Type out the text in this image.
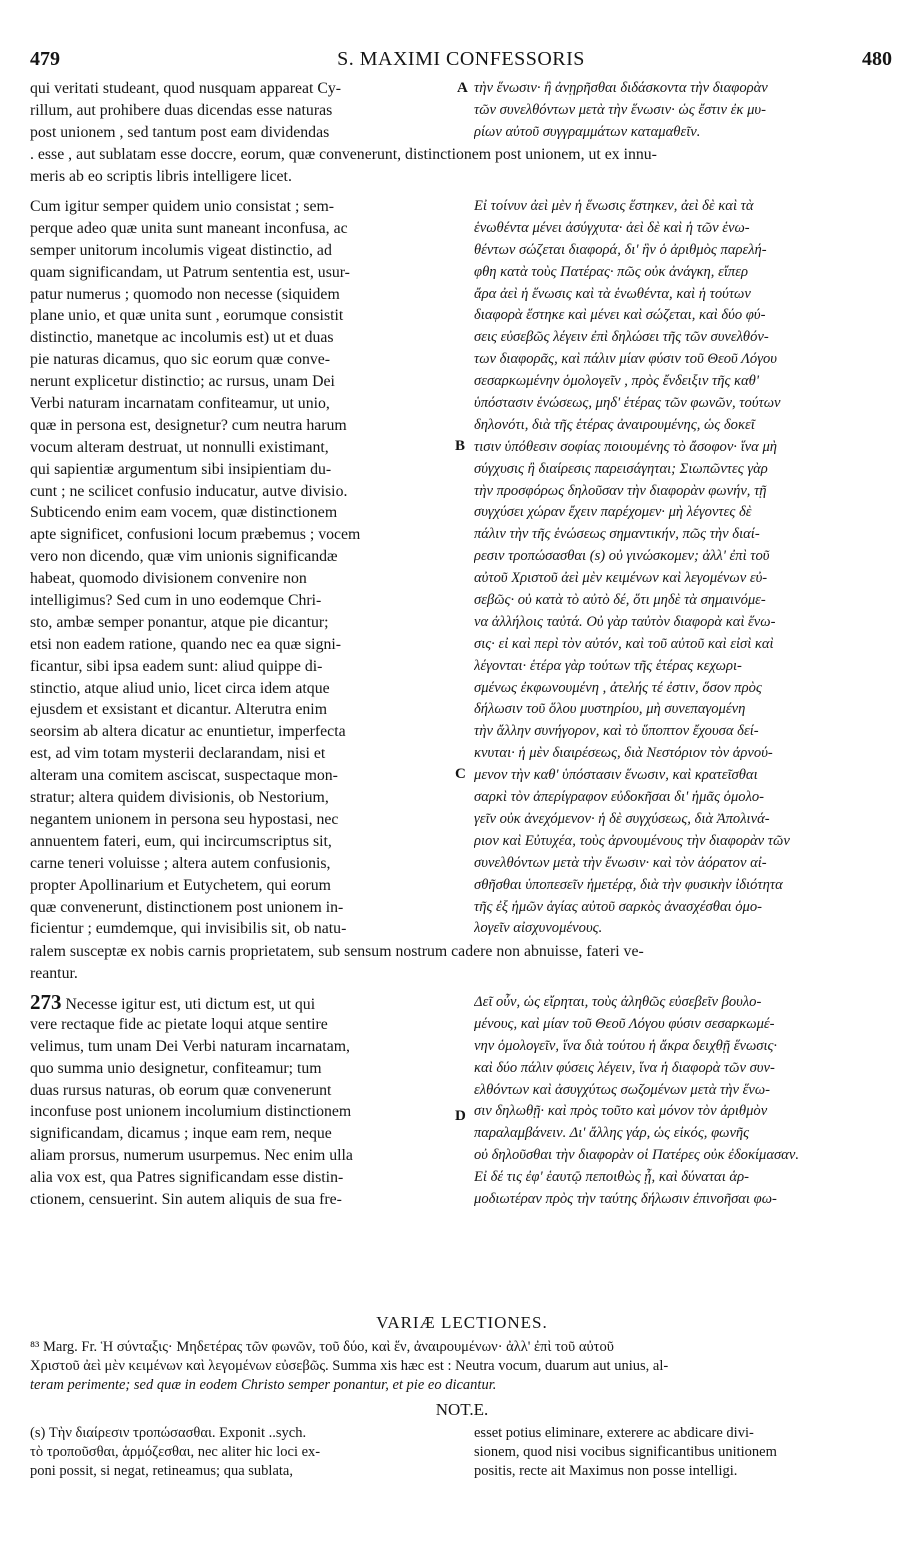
479	S. MAXIMI CONFESSORIS	480
qui veritati studeant, quod nusquam appareat Cy-
rillum, aut prohibere duas dicendas esse naturas
post unionem , sed tantum post eam dividendas
τὴν ἕνωσιν· ἢ ἀνῃρῆσθαι διδάσκοντα τὴν διαφορὰν
τῶν συνελθόντων μετὰ τὴν ἕνωσιν· ὡς ἔστιν ἐκ μυ-
ρίων αὐτοῦ συγγραμμάτων καταμαθεῖν.
A
. esse , aut sublatam esse doccre, eorum, quæ convenerunt, distinctionem post unionem, ut ex innu-
meris ab eo scriptis libris intelligere licet.
Cum igitur semper quidem unio consistat ; sem-
perque adeo quæ unita sunt maneant inconfusa, ac
semper unitorum incolumis vigeat distinctio, ad
quam significandam, ut Patrum sententia est, usur-
patur numerus ; quomodo non necesse (siquidem
plane unio, et quæ unita sunt , eorumque consistit
distinctio, manetque ac incolumis est) ut et duas
pie naturas dicamus, quo sic eorum quæ conve-
nerunt explicetur distinctio; ac rursus, unam Dei
Verbi naturam incarnatam confiteamur, ut unio,
quæ in persona est, designetur? cum neutra harum
vocum alteram destruat, ut nonnulli existimant,
qui sapientiæ argumentum sibi insipientiam du-
cunt ; ne scilicet confusio inducatur, autve divisio.
Subticendo enim eam vocem, quæ distinctionem
apte significet, confusioni locum præbemus ; vocem
vero non dicendo, quæ vim unionis significandæ
habeat, quomodo divisionem convenire non
intelligimus? Sed cum in uno eodemque Chri-
sto, ambæ semper ponantur, atque pie dicantur;
etsi non eadem ratione, quando nec ea quæ signi-
ficantur, sibi ipsa eadem sunt: aliud quippe di-
stinctio, atque aliud unio, licet circa idem atque
ejusdem et exsistant et dicantur. Alterutra enim
seorsim ab altera dicatur ac enuntietur, imperfecta
est, ad vim totam mysterii declarandam, nisi et
alteram una comitem asciscat, suspectaque mon-
stratur; altera quidem divisionis, ob Nestorium,
negantem unionem in persona seu hypostasi, nec
annuentem fateri, eum, qui incircumscriptus sit,
carne teneri voluisse ; altera autem confusionis,
propter Apollinarium et Eutychetem, qui eorum
quæ convenerunt, distinctionem post unionem in-
ficientur ; eumdemque, qui invisibilis sit, ob natu-
Εἰ τοίνυν ἀεὶ μὲν ἡ ἕνωσις ἕστηκεν, ἀεὶ δὲ καὶ τὰ
ἑνωθέντα μένει ἀσύγχυτα· ἀεὶ δὲ καὶ ἡ τῶν ἑνω-
θέντων σώζεται διαφορά, δι' ἣν ὁ ἀριθμὸς παρελή-
φθη κατὰ τοὺς Πατέρας· πῶς οὐκ ἀνάγκη, εἴπερ
ἄρα ἀεὶ ἡ ἕνωσις καὶ τὰ ἑνωθέντα, καὶ ἡ τούτων
διαφορὰ ἕστηκε καὶ μένει καὶ σώζεται, καὶ δύο φύ-
σεις εὐσεβῶς λέγειν ἐπὶ δηλώσει τῆς τῶν συνελθόν-
των διαφορᾶς, καὶ πάλιν μίαν φύσιν τοῦ Θεοῦ Λόγου
σεσαρκωμένην ὁμολογεῖν , πρὸς ἔνδειξιν τῆς καθ'
ὑπόστασιν ἑνώσεως, μηδ' ἑτέρας τῶν φωνῶν, τούτων
δηλονότι, διὰ τῆς ἑτέρας ἀναιρουμένης, ὡς δοκεῖ
τισιν ὑπόθεσιν σοφίας ποιουμένης τὸ ἄσοφον· ἵνα μὴ
σύγχυσις ἢ διαίρεσις παρεισάγηται; Σιωπῶντες γὰρ
τὴν προσφόρως δηλοῦσαν τὴν διαφορὰν φωνήν, τῇ
συγχύσει χώραν ἔχειν παρέχομεν· μὴ λέγοντες δὲ
πάλιν τὴν τῆς ἑνώσεως σημαντικήν, πῶς τὴν διαί-
ρεσιν τροπώσασθαι (s) οὐ γινώσκομεν; ἀλλ' ἐπὶ τοῦ
αὐτοῦ Χριστοῦ ἀεὶ μὲν κειμένων καὶ λεγομένων εὐ-
σεβῶς· οὐ κατὰ τὸ αὐτὸ δέ, ὅτι μηδὲ τὰ σημαινόμε-
να ἀλλήλοις ταὐτά. Οὐ γὰρ ταὐτὸν διαφορὰ καὶ ἕνω-
σις· εἰ καὶ περὶ τὸν αὐτόν, καὶ τοῦ αὐτοῦ καὶ εἰσὶ καὶ
λέγονται· ἑτέρα γὰρ τούτων τῆς ἑτέρας κεχωρι-
σμένως ἐκφωνουμένη , ἀτελής τέ ἐστιν, ὅσον πρὸς
δήλωσιν τοῦ ὅλου μυστηρίου, μὴ συνεπαγομένη
τὴν ἄλλην συνήγορον, καὶ τὸ ὕποπτον ἔχουσα δεί-
κνυται· ἡ μὲν διαιρέσεως, διὰ Νεστόριον τὸν ἀρνού-
μενον τὴν καθ' ὑπόστασιν ἕνωσιν, καὶ κρατεῖσθαι
σαρκὶ τὸν ἀπερίγραφον εὐδοκῆσαι δι' ἡμᾶς ὁμολο-
γεῖν οὐκ ἀνεχόμενον· ἡ δὲ συγχύσεως, διὰ Ἀπολινά-
ριον καὶ Εὐτυχέα, τοὺς ἀρνουμένους τὴν διαφορὰν τῶν
συνελθόντων μετὰ τὴν ἕνωσιν· καὶ τὸν ἀόρατον αἰ-
σθῆσθαι ὑποπεσεῖν ἡμετέρᾳ, διὰ τὴν φυσικὴν ἰδιότητα
τῆς ἐξ ἡμῶν ἁγίας αὐτοῦ σαρκὸς ἀνασχέσθαι ὁμο-
λογεῖν αἰσχυνομένους.
B
C
ralem susceptæ ex nobis carnis proprietatem, sub sensum nostrum cadere non abnuisse, fateri ve-
reantur.
273 Necesse igitur est, uti dictum est, ut qui
vere rectaque fide ac pietate loqui atque sentire
velimus, tum unam Dei Verbi naturam incarnatam,
quo summa unio designetur, confiteamur; tum
duas rursus naturas, ob eorum quæ convenerunt
inconfuse post unionem incolumium distinctionem
significandam, dicamus ; inque eam rem, neque
aliam prorsus, numerum usurpemus. Nec enim ulla
alia vox est, qua Patres significandam esse distin-
ctionem, censuerint. Sin autem aliquis de sua fre-
Δεῖ οὖν, ὡς εἴρηται, τοὺς ἀληθῶς εὐσεβεῖν βουλο-
μένους, καὶ μίαν τοῦ Θεοῦ Λόγου φύσιν σεσαρκωμέ-
νην ὁμολογεῖν, ἵνα διὰ τούτου ἡ ἄκρα δειχθῇ ἕνωσις·
καὶ δύο πάλιν φύσεις λέγειν, ἵνα ἡ διαφορὰ τῶν συν-
ελθόντων καὶ ἀσυγχύτως σωζομένων μετὰ τὴν ἕνω-
σιν δηλωθῇ· καὶ πρὸς τοῦτο καὶ μόνον τὸν ἀριθμὸν
παραλαμβάνειν. Δι' ἄλλης γάρ, ὡς εἰκός, φωνῆς
οὐ δηλοῦσθαι τὴν διαφορὰν οἱ Πατέρες οὐκ ἐδοκίμασαν.
Εἰ δέ τις ἐφ' ἑαυτῷ πεποιθὼς ᾖ, καὶ δύναται ἁρ-
μοδιωτέραν πρὸς τὴν ταύτης δήλωσιν ἐπινοῆσαι φω-
D
VARIÆ LECTIONES.
⁸³ Marg. Fr. Ἡ σύνταξις· Μηδετέρας τῶν φωνῶν, τοῦ δύο, καὶ ἕν, ἀναιρουμένων· ἀλλ' ἐπὶ τοῦ αὐτοῦ
Χριστοῦ ἀεὶ μὲν κειμένων καὶ λεγομένων εὐσεβῶς. Summa xis hæc est : Neutra vocum, duarum aut unius, al-
teram perimente; sed quæ in eodem Christo semper ponantur, et pie eo dicantur.
NOT.E.
(s) Τὴν διαίρεσιν τροπώσασθαι. Exponit ..sych.
τὸ τροποῦσθαι, ἁρμόζεσθαι, nec aliter hic loci ex-
poni possit, si negat, retineamus; qua sublata,
esset potius eliminare, exterere ac abdicare divi-
sionem, quod nisi vocibus significantibus unitionem
positis, recte ait Maximus non posse intelligi.
